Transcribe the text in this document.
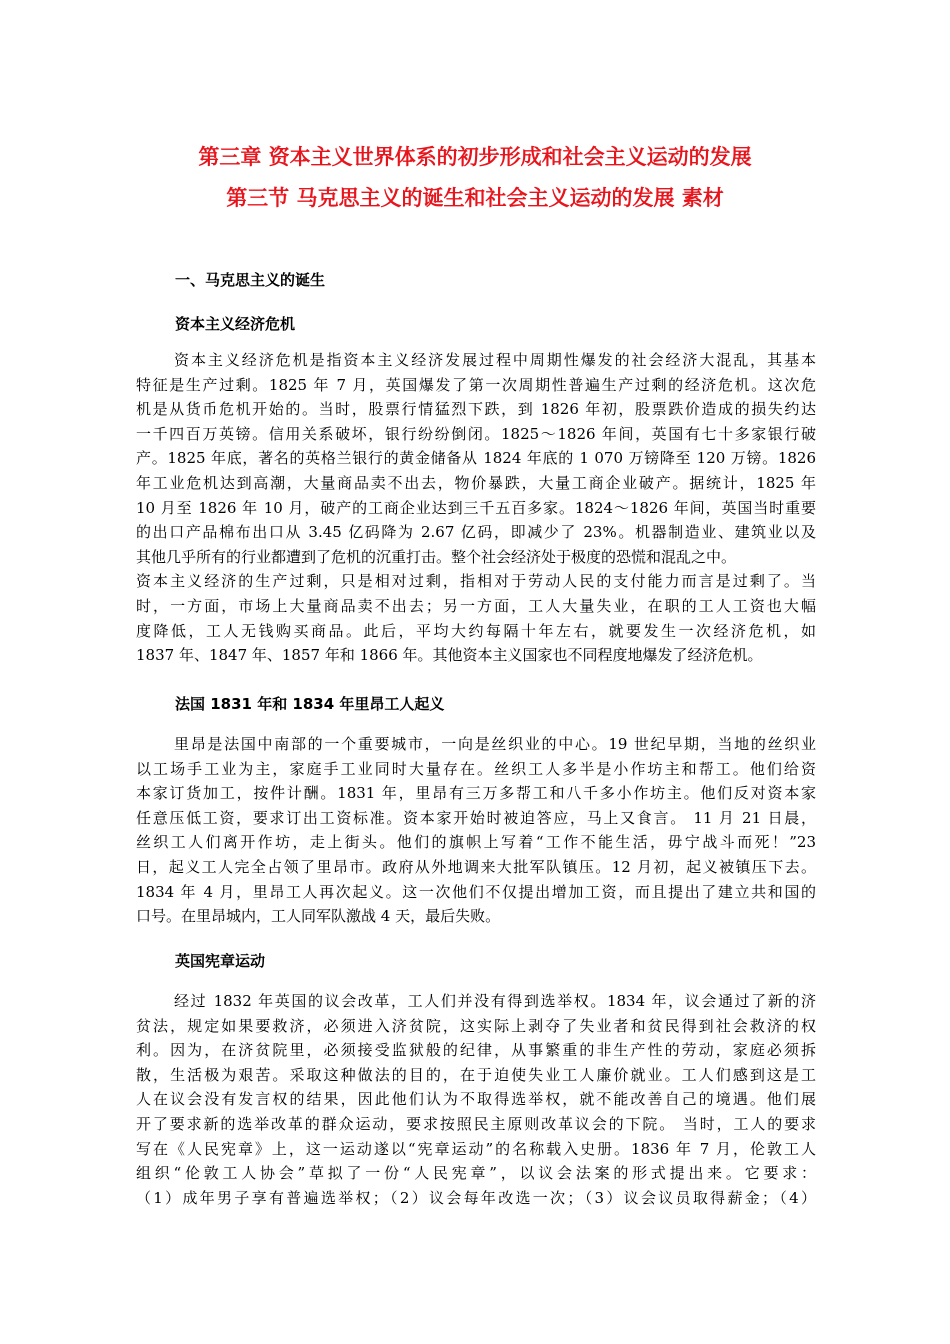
第三章 资本主义世界体系的初步形成和社会主义运动的发展
第三节 马克思主义的诞生和社会主义运动的发展 素材
一、马克思主义的诞生
资本主义经济危机
资本主义经济危机是指资本主义经济发展过程中周期性爆发的社会经济大混乱，其基本
特征是生产过剩。1825 年 7 月，英国爆发了第一次周期性普遍生产过剩的经济危机。这次危
机是从货币危机开始的。当时，股票行情猛烈下跌，到 1826 年初，股票跌价造成的损失约达
一千四百万英镑。信用关系破坏，银行纷纷倒闭。1825～1826 年间，英国有七十多家银行破
产。1825 年底，著名的英格兰银行的黄金储备从 1824 年底的 1 070 万镑降至 120 万镑。1826
年工业危机达到高潮，大量商品卖不出去，物价暴跌，大量工商企业破产。据统计，1825 年
10 月至 1826 年 10 月，破产的工商企业达到三千五百多家。1824～1826 年间，英国当时重要
的出口产品棉布出口从 3.45 亿码降为 2.67 亿码，即减少了 23%。机器制造业、建筑业以及
其他几乎所有的行业都遭到了危机的沉重打击。整个社会经济处于极度的恐慌和混乱之中。
资本主义经济的生产过剩，只是相对过剩，指相对于劳动人民的支付能力而言是过剩了。当
时，一方面，市场上大量商品卖不出去；另一方面，工人大量失业，在职的工人工资也大幅
度降低，工人无钱购买商品。此后，平均大约每隔十年左右，就要发生一次经济危机，如
1837 年、1847 年、1857 年和 1866 年。其他资本主义国家也不同程度地爆发了经济危机。
法国 1831 年和 1834 年里昂工人起义
里昂是法国中南部的一个重要城市，一向是丝织业的中心。19 世纪早期，当地的丝织业
以工场手工业为主，家庭手工业同时大量存在。丝织工人多半是小作坊主和帮工。他们给资
本家订货加工，按件计酬。1831 年，里昂有三万多帮工和八千多小作坊主。他们反对资本家
任意压低工资，要求订出工资标准。资本家开始时被迫答应，马上又食言。 11 月 21 日晨，
丝织工人们离开作坊，走上街头。他们的旗帜上写着“工作不能生活，毋宁战斗而死！”23
日，起义工人完全占领了里昂市。政府从外地调来大批军队镇压。12 月初，起义被镇压下去。
1834 年 4 月，里昂工人再次起义。这一次他们不仅提出增加工资，而且提出了建立共和国的
口号。在里昂城内，工人同军队激战 4 天，最后失败。
英国宪章运动
经过 1832 年英国的议会改革，工人们并没有得到选举权。1834 年，议会通过了新的济
贫法，规定如果要救济，必须进入济贫院，这实际上剥夺了失业者和贫民得到社会救济的权
利。因为，在济贫院里，必须接受监狱般的纪律，从事繁重的非生产性的劳动，家庭必须拆
散，生活极为艰苦。采取这种做法的目的，在于迫使失业工人廉价就业。工人们感到这是工
人在议会没有发言权的结果，因此他们认为不取得选举权，就不能改善自己的境遇。他们展
开了要求新的选举改革的群众运动，要求按照民主原则改革议会的下院。 当时，工人的要求
写在《人民宪章》上，这一运动遂以“宪章运动”的名称载入史册。1836 年 7 月，伦敦工人
组织“伦敦工人协会”草拟了一份“人民宪章”，以议会法案的形式提出来。它要求：
（1）成年男子享有普遍选举权；（2）议会每年改选一次；（3）议会议员取得薪金；（4）
